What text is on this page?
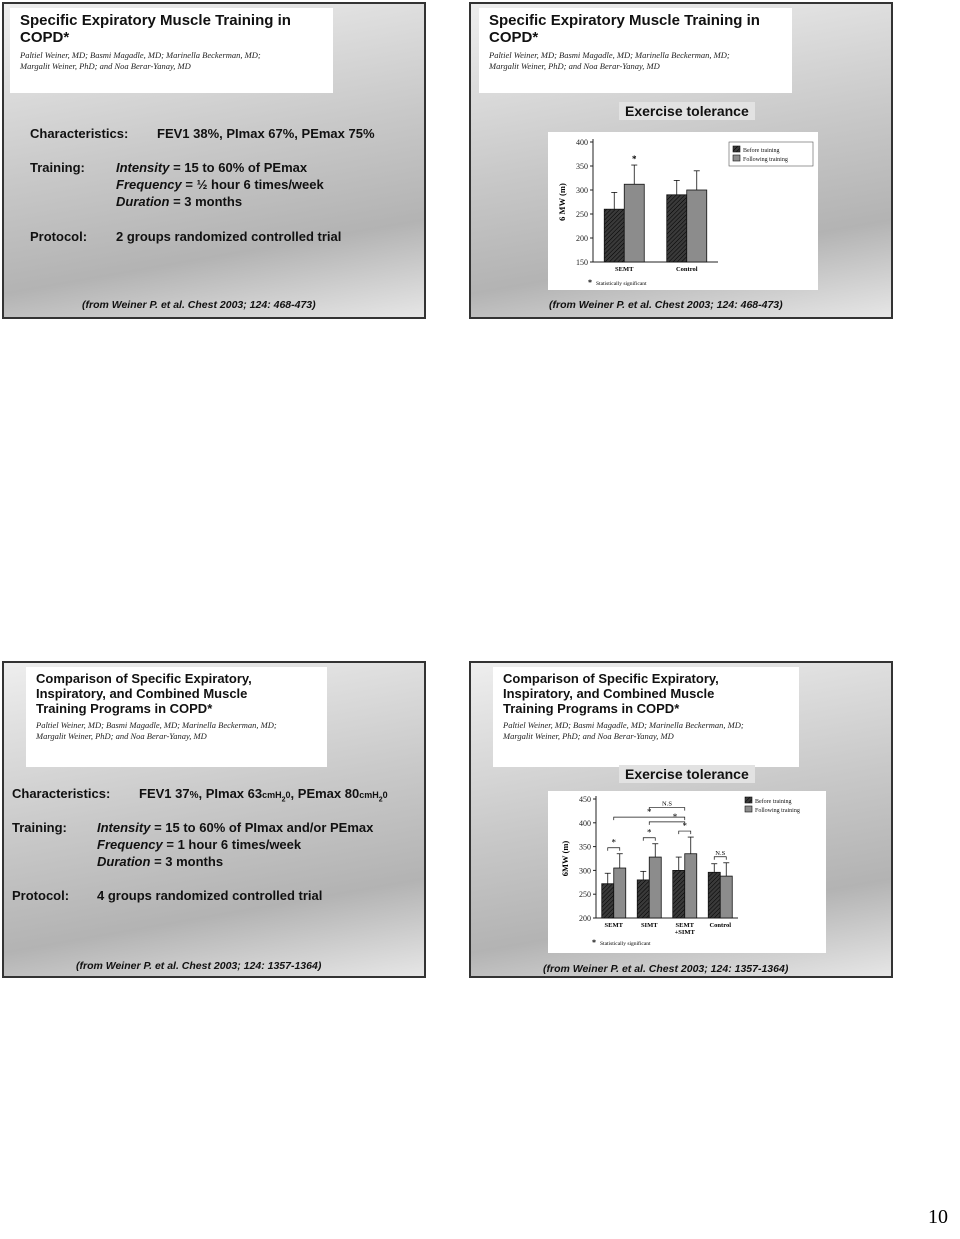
Specific Expiratory Muscle Training in
COPD*
Paltiel Weiner, MD; Basmi Magadle, MD; Marinella Beckerman, MD;
Margalit Weiner, PhD; and Noa Berar-Yanay, MD
Characteristics: FEV1 38%, PImax 67%, PEmax 75%
Training: Intensity = 15 to 60% of PEmax
Frequency = ½ hour 6 times/week
Duration = 3 months
Protocol: 2 groups randomized controlled trial
(from Weiner P. et al. Chest 2003; 124: 468-473)
Specific Expiratory Muscle Training in
COPD*
Paltiel Weiner, MD; Basmi Magadle, MD; Marinella Beckerman, MD;
Margalit Weiner, PhD; and Noa Berar-Yanay, MD
Exercise tolerance
150
200
250
300
350
400
6 MW (m)
*
SEMT	Control
Before training
Following training
* Statistically significant
(from Weiner P. et al. Chest 2003; 124: 468-473)
Comparison of Specific Expiratory,
Inspiratory, and Combined Muscle
Training Programs in COPD*
Paltiel Weiner, MD; Basmi Magadle, MD; Marinella Beckerman, MD;
Margalit Weiner, PhD; and Noa Berar-Yanay, MD
Characteristics: FEV1 37%, PImax 63cmH$_2$0, PEmax 80cmH$_2$0
Training: Intensity = 15 to 60% of PImax and/or PEmax
Frequency = 1 hour 6 times/week
Duration = 3 months
Protocol: 4 groups randomized controlled trial
(from Weiner P. et al. Chest 2003; 124: 1357-1364)
Comparison of Specific Expiratory,
Inspiratory, and Combined Muscle
Training Programs in COPD*
Paltiel Weiner, MD; Basmi Magadle, MD; Marinella Beckerman, MD;
Margalit Weiner, PhD; and Noa Berar-Yanay, MD
Exercise tolerance
200
250
300
350
400
450
6MW (m)	*
SEMT
*
SIMT
*
SEMT
+SIMT
N.S
Control
N.S
* *
Before training
Following training
* Statistically significant
(from Weiner P. et al. Chest 2003; 124: 1357-1364)
10
